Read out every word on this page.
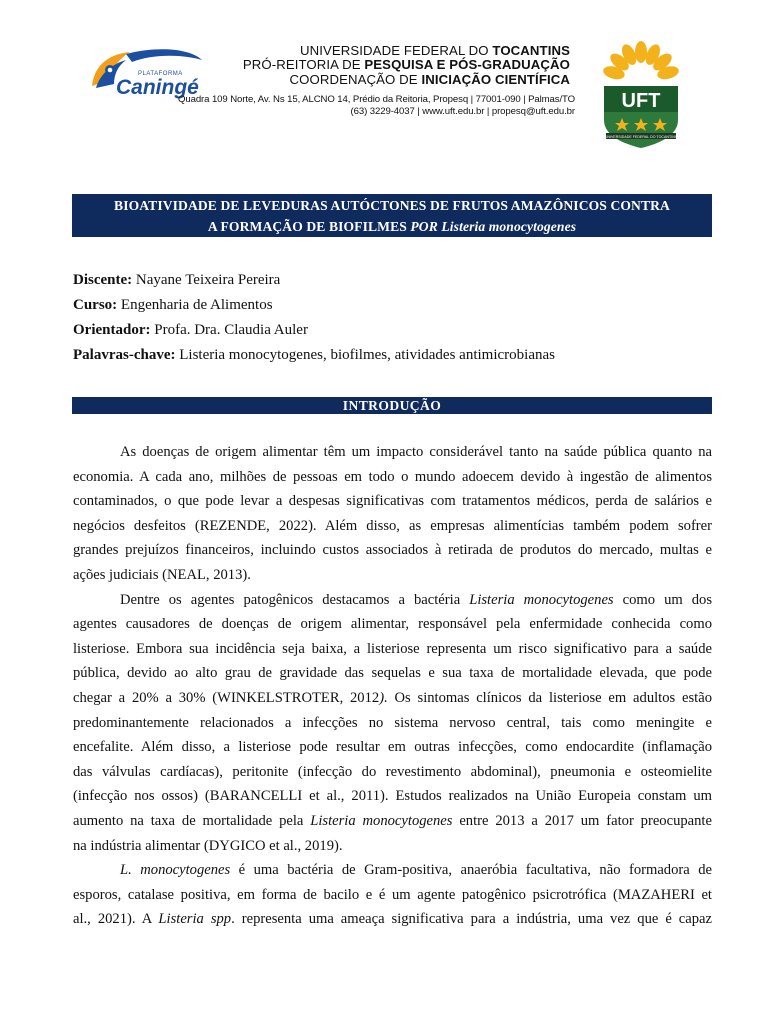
PLATAFORMA
Caningé
UNIVERSIDADE FEDERAL DO TOCANTINS
PRÓ-REITORIA DE PESQUISA E PÓS-GRADUAÇÃO
COORDENAÇÃO DE INICIAÇÃO CIENTÍFICA
Quadra 109 Norte, Av. Ns 15, ALCNO 14, Prédio da Reitoria, Propesq | 77001-090 | Palmas/TO
(63) 3229-4037 | www.uft.edu.br | propesq@uft.edu.br UFT
UNIVERSIDADE FEDERAL DO TOCANTINS
BIOATIVIDADE DE LEVEDURAS AUTÓCTONES DE FRUTOS AMAZÔNICOS CONTRA
A FORMAÇÃO DE BIOFILMES POR Listeria monocytogenes
Discente: Nayane Teixeira Pereira
Curso: Engenharia de Alimentos
Orientador: Profa. Dra. Claudia Auler
Palavras-chave: Listeria monocytogenes, biofilmes, atividades antimicrobianas
INTRODUÇÃO
As doenças de origem alimentar têm um impacto considerável tanto na saúde pública quanto na
economia. A cada ano, milhões de pessoas em todo o mundo adoecem devido à ingestão de alimentos
contaminados, o que pode levar a despesas significativas com tratamentos médicos, perda de salários e
negócios desfeitos (REZENDE, 2022). Além disso, as empresas alimentícias também podem sofrer
grandes prejuízos financeiros, incluindo custos associados à retirada de produtos do mercado, multas e
ações judiciais (NEAL, 2013).
Dentre os agentes patogênicos destacamos a bactéria Listeria monocytogenes como um dos
agentes causadores de doenças de origem alimentar, responsável pela enfermidade conhecida como
listeriose. Embora sua incidência seja baixa, a listeriose representa um risco significativo para a saúde
pública, devido ao alto grau de gravidade das sequelas e sua taxa de mortalidade elevada, que pode
chegar a 20% a 30% (WINKELSTROTER, 2012). Os sintomas clínicos da listeriose em adultos estão
predominantemente relacionados a infecções no sistema nervoso central, tais como meningite e
encefalite. Além disso, a listeriose pode resultar em outras infecções, como endocardite (inflamação
das válvulas cardíacas), peritonite (infecção do revestimento abdominal), pneumonia e osteomielite
(infecção nos ossos) (BARANCELLI et al., 2011). Estudos realizados na União Europeia constam um
aumento na taxa de mortalidade pela Listeria monocytogenes entre 2013 a 2017 um fator preocupante
na indústria alimentar (DYGICO et al., 2019).
L. monocytogenes é uma bactéria de Gram-positiva, anaeróbia facultativa, não formadora de
esporos, catalase positiva, em forma de bacilo e é um agente patogênico psicrotrófica (MAZAHERI et
al., 2021). A Listeria spp. representa uma ameaça significativa para a indústria, uma vez que é capaz
